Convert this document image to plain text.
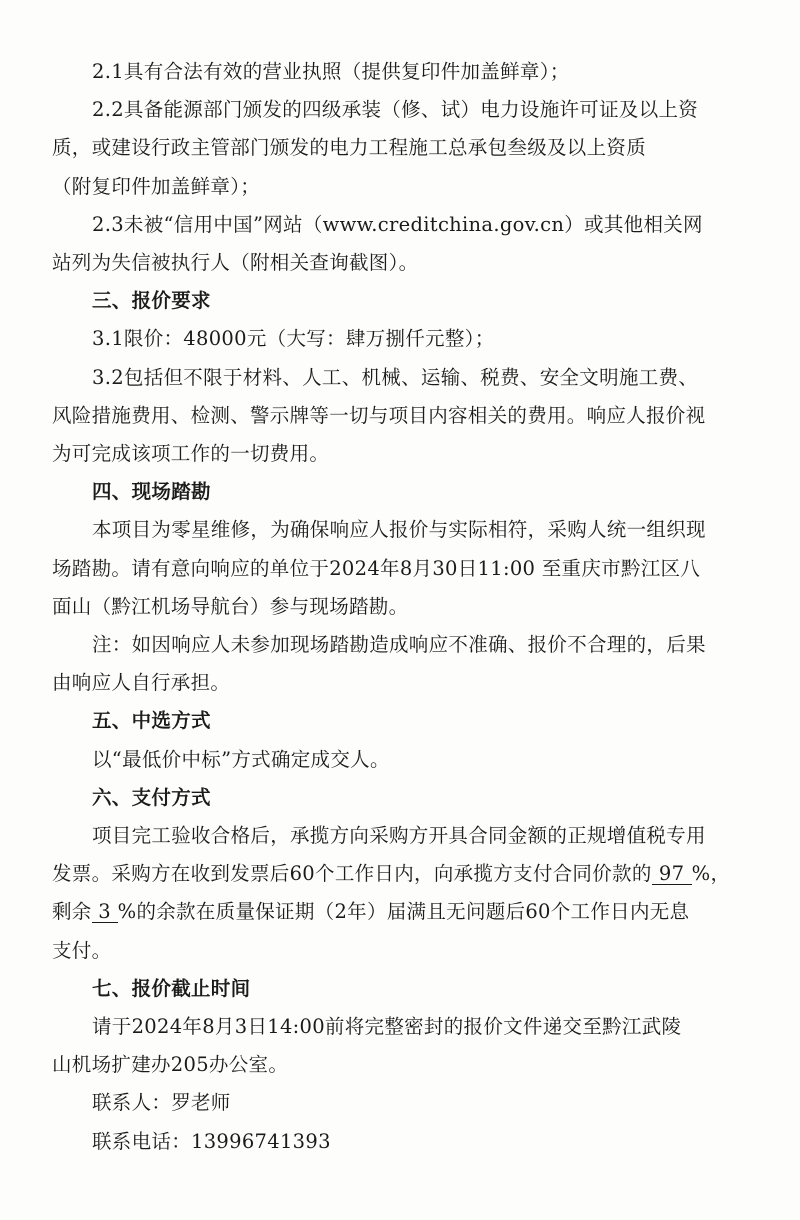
2.1具有合法有效的营业执照（提供复印件加盖鲜章）；
2.2具备能源部门颁发的四级承装（修、试）电力设施许可证及以上资
质，或建设行政主管部门颁发的电力工程施工总承包叁级及以上资质
（附复印件加盖鲜章）；
2.3未被“信用中国”网站（www.creditchina.gov.cn）或其他相关网
站列为失信被执行人（附相关查询截图）。
三、报价要求
3.1限价：48000元（大写：肆万捌仟元整）；
3.2包括但不限于材料、人工、机械、运输、税费、安全文明施工费、
风险措施费用、检测、警示牌等一切与项目内容相关的费用。响应人报价视
为可完成该项工作的一切费用。
四、现场踏勘
本项目为零星维修，为确保响应人报价与实际相符，采购人统一组织现
场踏勘。请有意向响应的单位于2024年8月30日11:00 至重庆市黔江区八
面山（黔江机场导航台）参与现场踏勘。
注：如因响应人未参加现场踏勘造成响应不准确、报价不合理的，后果
由响应人自行承担。
五、中选方式
以“最低价中标”方式确定成交人。
六、支付方式
项目完工验收合格后，承揽方向采购方开具合同金额的正规增值税专用
发票。采购方在收到发票后60个工作日内，向承揽方支付合同价款的 97 %，
剩余 3 %的余款在质量保证期（2年）届满且无问题后60个工作日内无息
支付。
七、报价截止时间
请于2024年8月3日14:00前将完整密封的报价文件递交至黔江武陵
山机场扩建办205办公室。
联系人：罗老师
联系电话：13996741393
